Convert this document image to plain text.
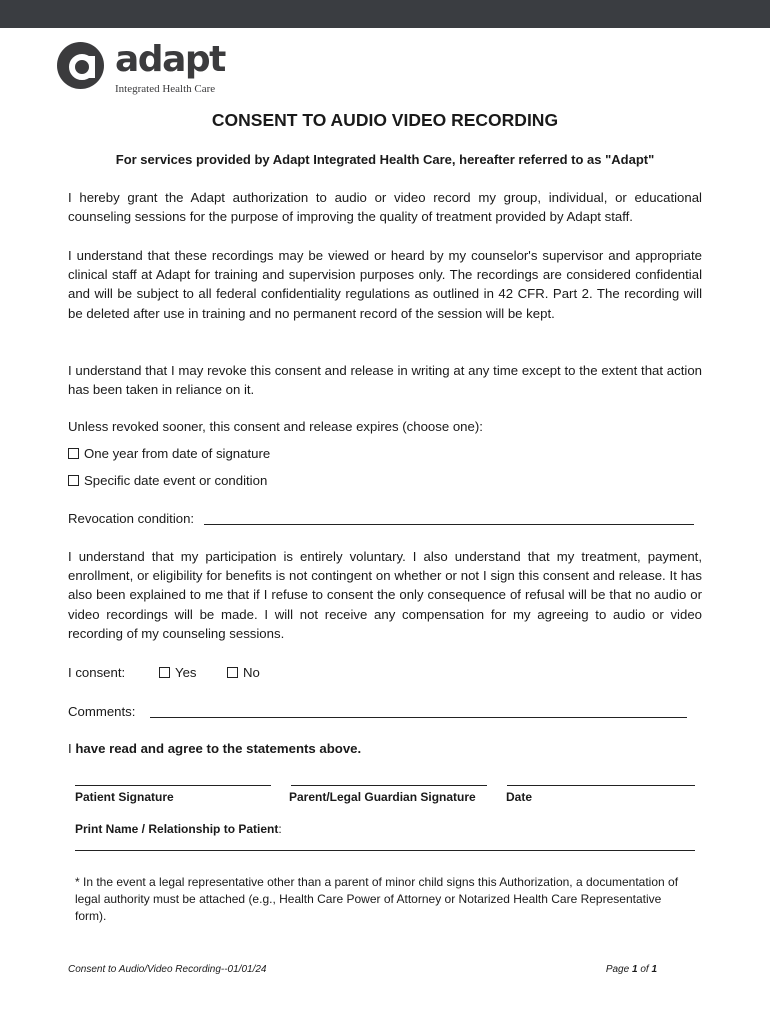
adapt
Integrated Health Care
CONSENT TO AUDIO VIDEO RECORDING
For services provided by Adapt Integrated Health Care, hereafter referred to as "Adapt"
I hereby grant the Adapt authorization to audio or video record my group, individual, or educational counseling sessions for the purpose of improving the quality of treatment provided by Adapt staff.
I understand that these recordings may be viewed or heard by my counselor's supervisor and appropriate clinical staff at Adapt for training and supervision purposes only. The recordings are considered confidential and will be subject to all federal confidentiality regulations as outlined in 42 CFR. Part 2. The recording will be deleted after use in training and no permanent record of the session will be kept.
I understand that I may revoke this consent and release in writing at any time except to the extent that action has been taken in reliance on it.
Unless revoked sooner, this consent and release expires (choose one):
One year from date of signature
Specific date event or condition
Revocation condition:
I understand that my participation is entirely voluntary. I also understand that my treatment, payment, enrollment, or eligibility for benefits is not contingent on whether or not I sign this consent and release. It has also been explained to me that if I refuse to consent the only consequence of refusal will be that no audio or video recordings will be made. I will not receive any compensation for my agreeing to audio or video recording of my counseling sessions.
I consent:	Yes	No
Comments:
I have read and agree to the statements above.
Patient Signature	Parent/Legal Guardian Signature	Date
Print Name / Relationship to Patient:
* In the event a legal representative other than a parent of minor child signs this Authorization, a documentation of legal authority must be attached (e.g., Health Care Power of Attorney or Notarized Health Care Representative form).
Consent to Audio/Video Recording--01/01/24	Page 1 of 1
